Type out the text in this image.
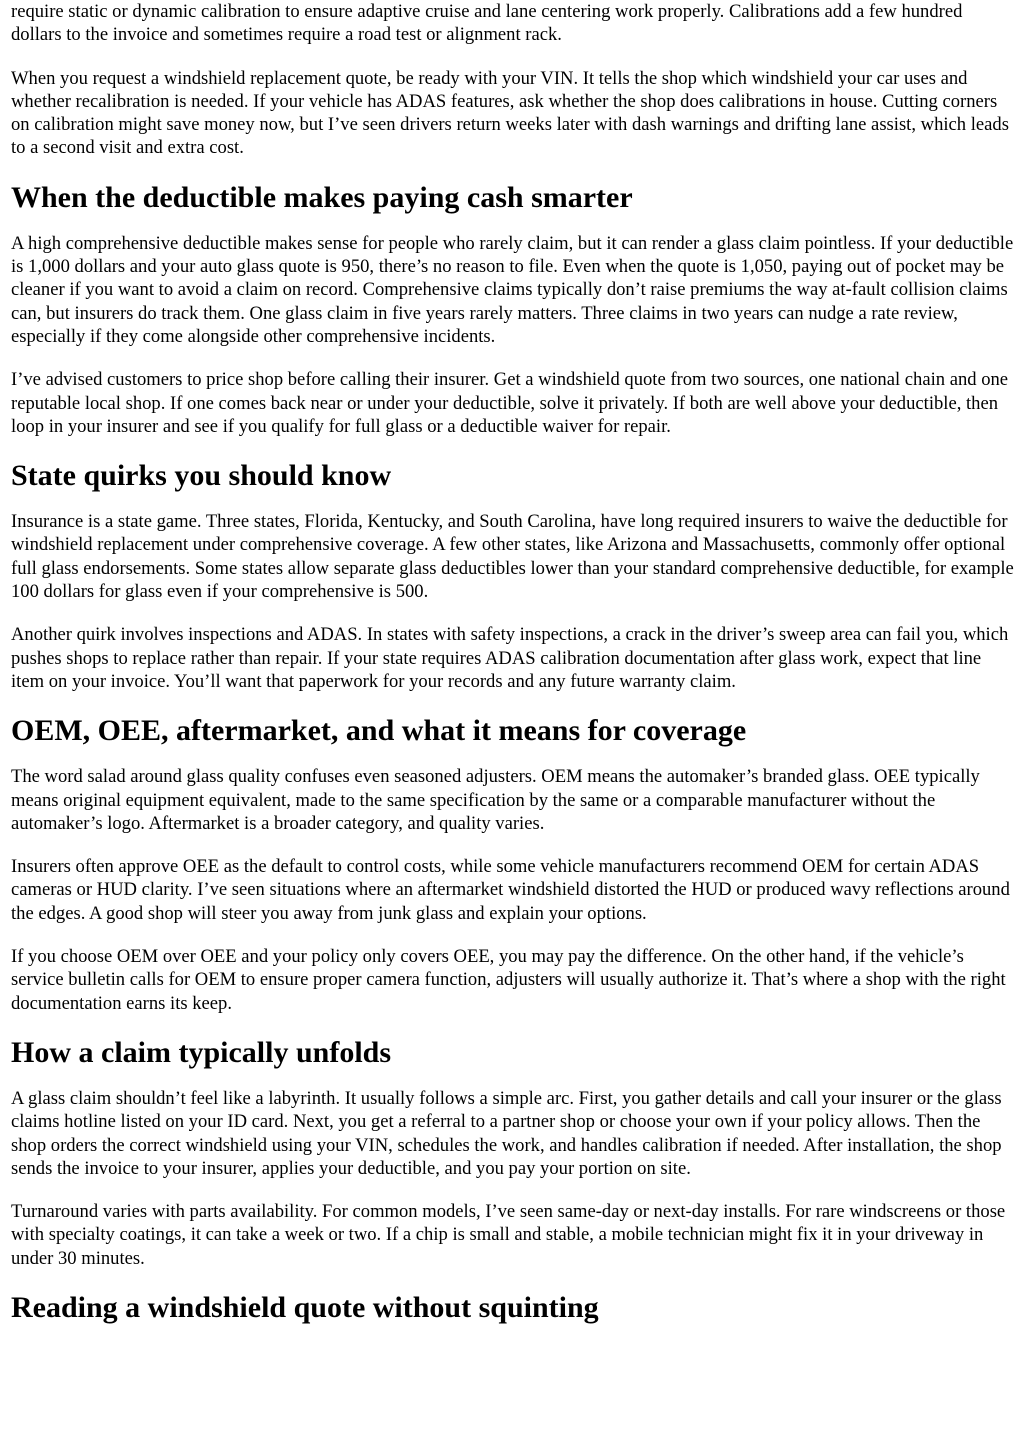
require static or dynamic calibration to ensure adaptive cruise and lane centering work properly. Calibrations add a few hundred dollars to the invoice and sometimes require a road test or alignment rack.

When you request a windshield replacement quote, be ready with your VIN. It tells the shop which windshield your car uses and whether recalibration is needed. If your vehicle has ADAS features, ask whether the shop does calibrations in house. Cutting corners on calibration might save money now, but I’ve seen drivers return weeks later with dash warnings and drifting lane assist, which leads to a second visit and extra cost.

When the deductible makes paying cash smarter

A high comprehensive deductible makes sense for people who rarely claim, but it can render a glass claim pointless. If your deductible is 1,000 dollars and your auto glass quote is 950, there’s no reason to file. Even when the quote is 1,050, paying out of pocket may be cleaner if you want to avoid a claim on record. Comprehensive claims typically don’t raise premiums the way at-fault collision claims can, but insurers do track them. One glass claim in five years rarely matters. Three claims in two years can nudge a rate review, especially if they come alongside other comprehensive incidents.

I’ve advised customers to price shop before calling their insurer. Get a windshield quote from two sources, one national chain and one reputable local shop. If one comes back near or under your deductible, solve it privately. If both are well above your deductible, then loop in your insurer and see if you qualify for full glass or a deductible waiver for repair.

State quirks you should know

Insurance is a state game. Three states, Florida, Kentucky, and South Carolina, have long required insurers to waive the deductible for windshield replacement under comprehensive coverage. A few other states, like Arizona and Massachusetts, commonly offer optional full glass endorsements. Some states allow separate glass deductibles lower than your standard comprehensive deductible, for example 100 dollars for glass even if your comprehensive is 500.

Another quirk involves inspections and ADAS. In states with safety inspections, a crack in the driver’s sweep area can fail you, which pushes shops to replace rather than repair. If your state requires ADAS calibration documentation after glass work, expect that line item on your invoice. You’ll want that paperwork for your records and any future warranty claim.

OEM, OEE, aftermarket, and what it means for coverage

The word salad around glass quality confuses even seasoned adjusters. OEM means the automaker’s branded glass. OEE typically means original equipment equivalent, made to the same specification by the same or a comparable manufacturer without the automaker’s logo. Aftermarket is a broader category, and quality varies.

Insurers often approve OEE as the default to control costs, while some vehicle manufacturers recommend OEM for certain ADAS cameras or HUD clarity. I’ve seen situations where an aftermarket windshield distorted the HUD or produced wavy reflections around the edges. A good shop will steer you away from junk glass and explain your options.

If you choose OEM over OEE and your policy only covers OEE, you may pay the difference. On the other hand, if the vehicle’s service bulletin calls for OEM to ensure proper camera function, adjusters will usually authorize it. That’s where a shop with the right documentation earns its keep.

How a claim typically unfolds

A glass claim shouldn’t feel like a labyrinth. It usually follows a simple arc. First, you gather details and call your insurer or the glass claims hotline listed on your ID card. Next, you get a referral to a partner shop or choose your own if your policy allows. Then the shop orders the correct windshield using your VIN, schedules the work, and handles calibration if needed. After installation, the shop sends the invoice to your insurer, applies your deductible, and you pay your portion on site.

Turnaround varies with parts availability. For common models, I’ve seen same-day or next-day installs. For rare windscreens or those with specialty coatings, it can take a week or two. If a chip is small and stable, a mobile technician might fix it in your driveway in under 30 minutes.

Reading a windshield quote without squinting
